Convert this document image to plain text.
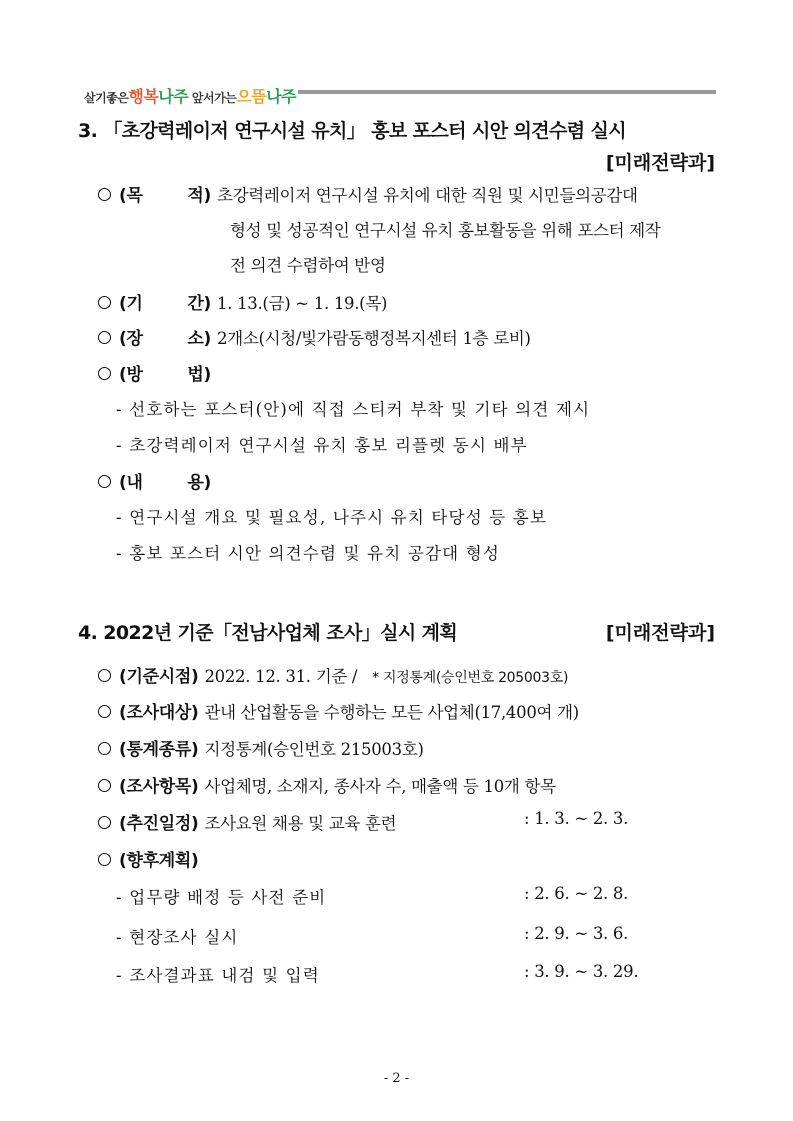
살기좋은행복나주 앞서가는으뜸나주
3. 「초강력레이저 연구시설 유치」 홍보 포스터 시안 의견수렴 실시
[미래전략과]
(목	적) 초강력레이저 연구시설 유치에 대한 직원 및 시민들의공감대
형성 및 성공적인 연구시설 유치 홍보활동을 위해 포스터 제작
전 의견 수렴하여 반영
(기	간) 1. 13.(금) ~ 1. 19.(목)
(장	소) 2개소(시청/빛가람동행정복지센터 1층 로비)
(방	법)
- 선호하는 포스터(안)에 직접 스티커 부착 및 기타 의견 제시
- 초강력레이저 연구시설 유치 홍보 리플렛 동시 배부
(내	용)
- 연구시설 개요 및 필요성, 나주시 유치 타당성 등 홍보
- 홍보 포스터 시안 의견수렴 및 유치 공감대 형성
4. 2022년 기준「전남사업체 조사」실시 계획	[미래전략과]
(기준시점) 2022. 12. 31. 기준 / * 지정통계(승인번호 205003호)
(조사대상) 관내 산업활동을 수행하는 모든 사업체(17,400여 개)
(통계종류) 지정통계(승인번호 215003호)
(조사항목) 사업체명, 소재지, 종사자 수, 매출액 등 10개 항목
(추진일정) 조사요원 채용 및 교육 훈련	: 1. 3. ~ 2. 3.
(향후계획)
- 업무량 배정 등 사전 준비	: 2. 6. ~ 2. 8.
- 현장조사 실시	: 2. 9. ~ 3. 6.
- 조사결과표 내검 및 입력	: 3. 9. ~ 3. 29.
- 2 -
